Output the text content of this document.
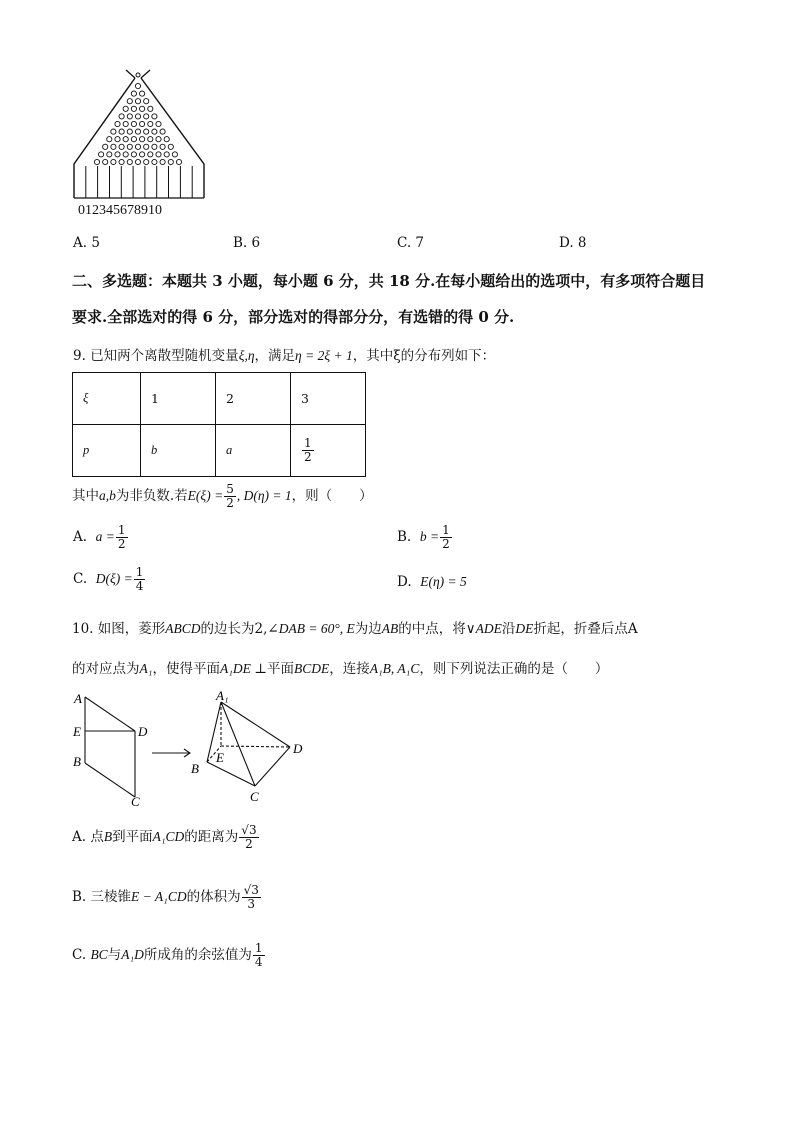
012345678910
A. 5	B. 6	C. 7	D. 8
二、多选题：本题共 3 小题，每小题 6 分，共 18 分.在每小题给出的选项中，有多项符合题目
要求.全部选对的得 6 分，部分选对的得部分分，有选错的得 0 分.
9. 已知两个离散型随机变量ξ,η，满足η = 2ξ + 1，其中ξ的分布列如下：
ξ	1	2	3
p	b	a	$\frac{1}{2}$
其中a,b为非负数.若$E(\xi) = \frac{5}{2}$ , D(η) = 1，则（　　）
A. $a = \frac{1}{2}$	B. $b = \frac{1}{2}$
C. $D(\xi) = \frac{1}{4}$	D. E(η) = 5
10. 如图，菱形ABCD的边长为2,∠DAB = 60°, E为边AB的中点，将∨ADE沿DE折起，折叠后点A
的对应点为A₁，使得平面A₁DE ⊥平面BCDE，连接A₁B, A₁C，则下列说法正确的是（　　）
A
E	D
B
C
A₁
D
E
B
C
A. 点B到平面A₁CD的距离为 $\frac{√3}{2}$
B. 三棱锥E − A₁CD的体积为 $\frac{√3}{3}$
C. BC与A₁D所成角的余弦值为 $\frac{1}{4}$
